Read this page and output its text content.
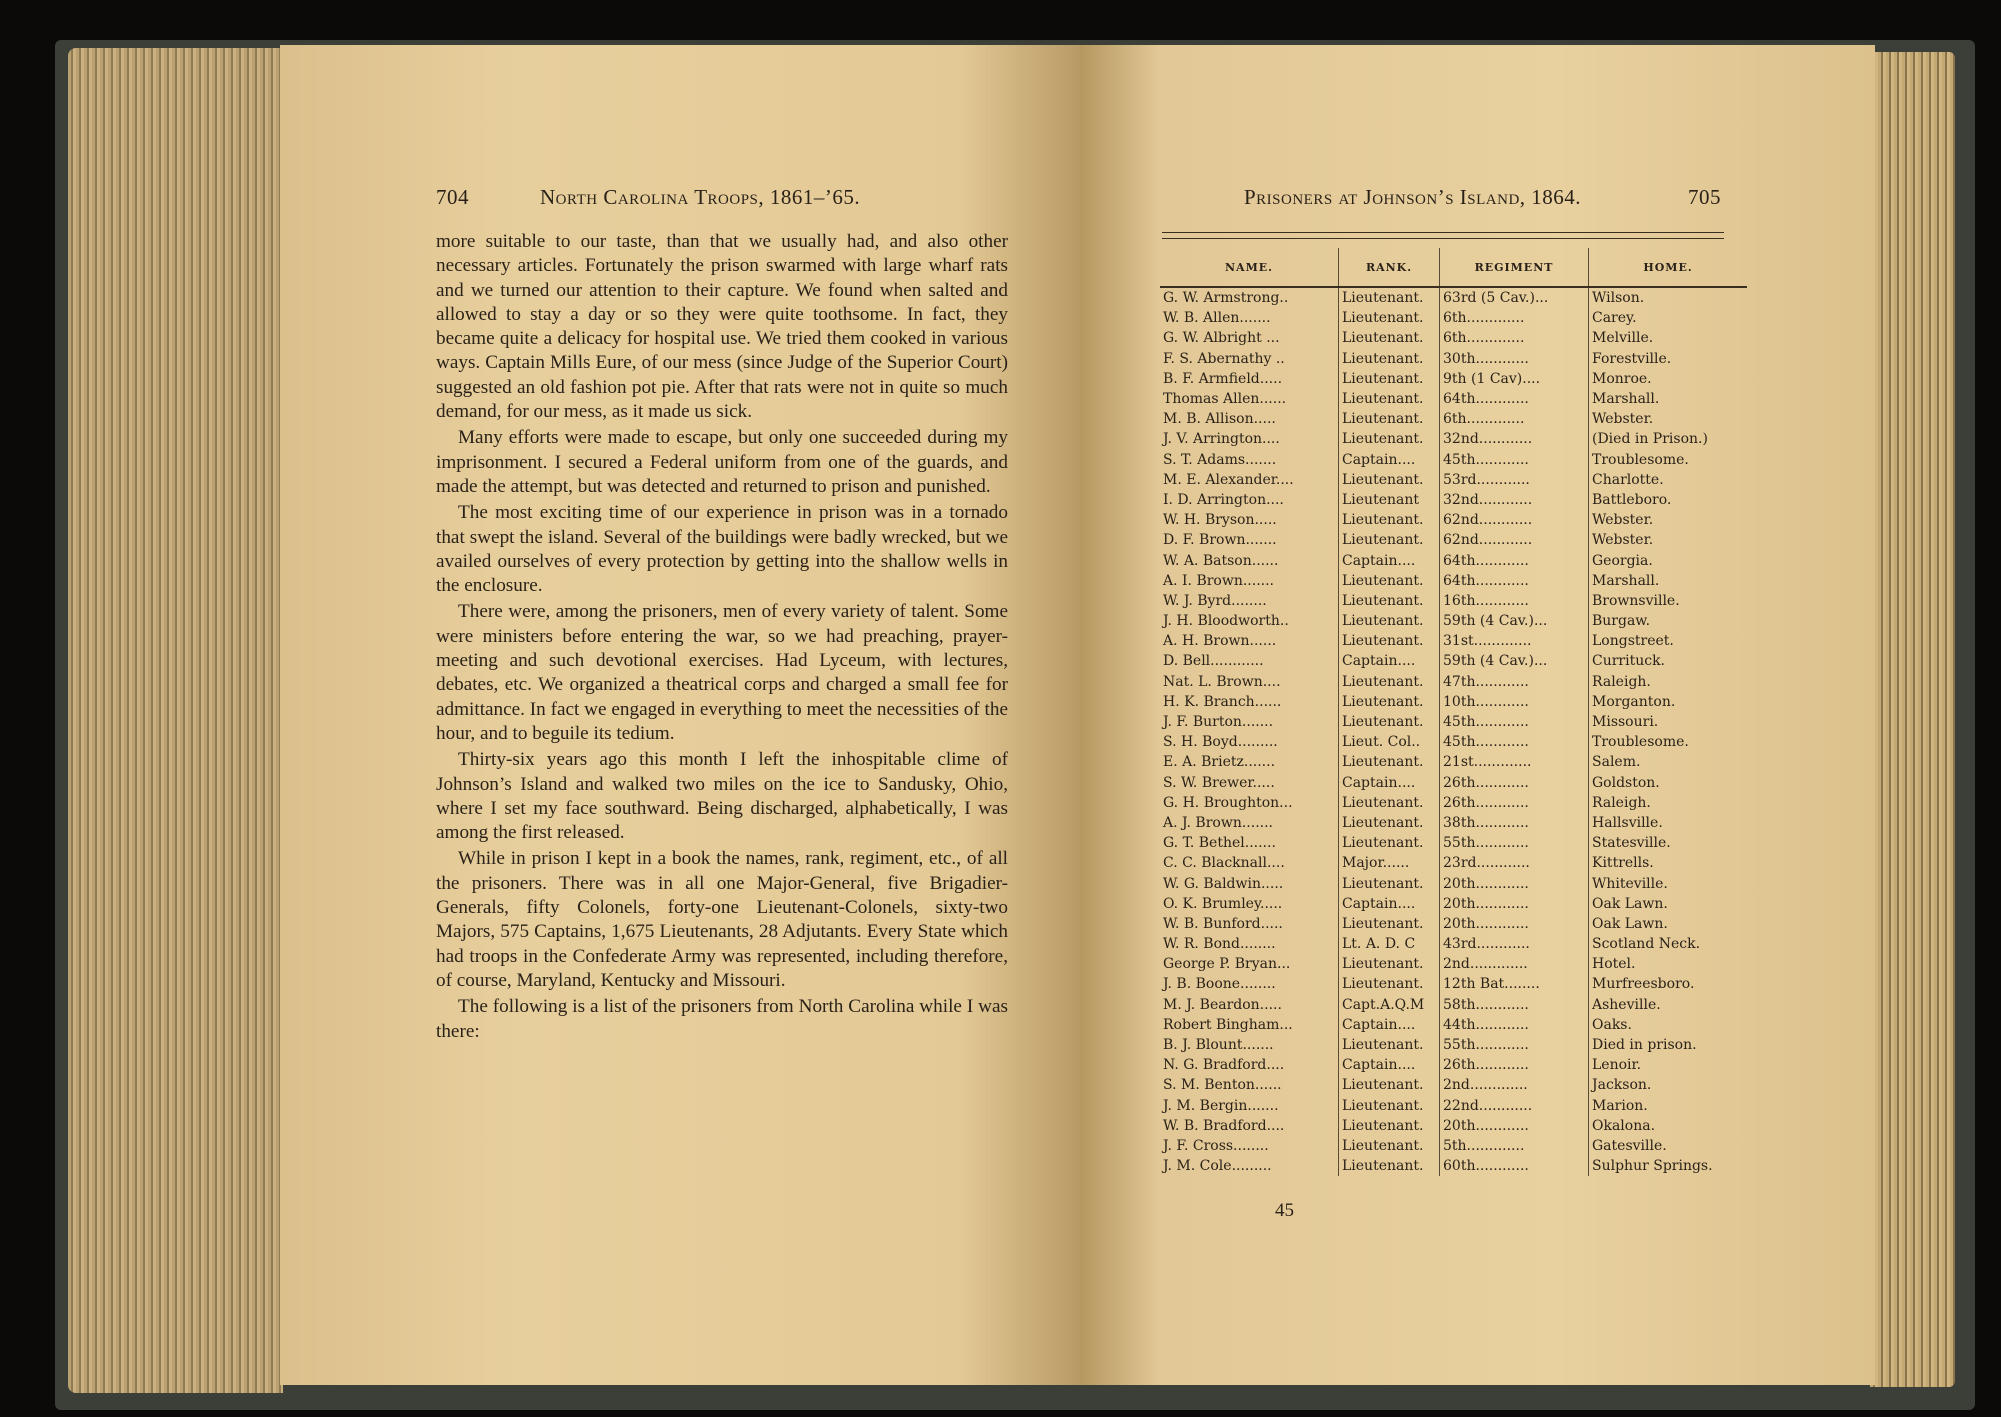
704	North Carolina Troops, 1861–’65.

more suitable to our taste, than that we usually had, and also other necessary articles. Fortunately the prison swarmed with large wharf rats and we turned our attention to their capture. We found when salted and allowed to stay a day or so they were quite toothsome. In fact, they became quite a delicacy for hospital use. We tried them cooked in various ways. Captain Mills Eure, of our mess (since Judge of the Superior Court) suggested an old fashion pot pie. After that rats were not in quite so much demand, for our mess, as it made us sick.

Many efforts were made to escape, but only one succeeded during my imprisonment. I secured a Federal uniform from one of the guards, and made the attempt, but was detected and returned to prison and punished.

The most exciting time of our experience in prison was in a tornado that swept the island. Several of the buildings were badly wrecked, but we availed ourselves of every protection by getting into the shallow wells in the enclosure.

There were, among the prisoners, men of every variety of talent. Some were ministers before entering the war, so we had preaching, prayer-meeting and such devotional exercises. Had Lyceum, with lectures, debates, etc. We organized a theatrical corps and charged a small fee for admittance. In fact we engaged in everything to meet the necessities of the hour, and to beguile its tedium.

Thirty-six years ago this month I left the inhospitable clime of Johnson’s Island and walked two miles on the ice to Sandusky, Ohio, where I set my face southward. Being discharged, alphabetically, I was among the first released.

While in prison I kept in a book the names, rank, regiment, etc., of all the prisoners. There was in all one Major-General, five Brigadier-Generals, fifty Colonels, forty-one Lieutenant-Colonels, sixty-two Majors, 575 Captains, 1,675 Lieutenants, 28 Adjutants. Every State which had troops in the Confederate Army was represented, including therefore, of course, Maryland, Kentucky and Missouri.

The following is a list of the prisoners from North Carolina while I was there:

Prisoners at Johnson’s Island, 1864.	705
NAME.	RANK.	REGIMENT	HOME.
G. W. Armstrong..	Lieutenant.	63rd (5 Cav.)...	Wilson.
W. B. Allen.......	Lieutenant.	6th.............	Carey.
G. W. Albright ...	Lieutenant.	6th.............	Melville.
F. S. Abernathy ..	Lieutenant.	30th............	Forestville.
B. F. Armfield.....	Lieutenant.	9th (1 Cav)....	Monroe.
Thomas Allen......	Lieutenant.	64th............	Marshall.
M. B. Allison.....	Lieutenant.	6th.............	Webster.
J. V. Arrington....	Lieutenant.	32nd............	(Died in Prison.)
S. T. Adams.......	Captain....	45th............	Troublesome.
M. E. Alexander....	Lieutenant.	53rd............	Charlotte.
I. D. Arrington....	Lieutenant	32nd............	Battleboro.
W. H. Bryson.....	Lieutenant.	62nd............	Webster.
D. F. Brown.......	Lieutenant.	62nd............	Webster.
W. A. Batson......	Captain....	64th............	Georgia.
A. I. Brown.......	Lieutenant.	64th............	Marshall.
W. J. Byrd........	Lieutenant.	16th............	Brownsville.
J. H. Bloodworth..	Lieutenant.	59th (4 Cav.)...	Burgaw.
A. H. Brown......	Lieutenant.	31st.............	Longstreet.
D. Bell............	Captain....	59th (4 Cav.)...	Currituck.
Nat. L. Brown....	Lieutenant.	47th............	Raleigh.
H. K. Branch......	Lieutenant.	10th............	Morganton.
J. F. Burton.......	Lieutenant.	45th............	Missouri.
S. H. Boyd.........	Lieut. Col..	45th............	Troublesome.
E. A. Brietz.......	Lieutenant.	21st.............	Salem.
S. W. Brewer.....	Captain....	26th............	Goldston.
G. H. Broughton...	Lieutenant.	26th............	Raleigh.
A. J. Brown.......	Lieutenant.	38th............	Hallsville.
G. T. Bethel.......	Lieutenant.	55th............	Statesville.
C. C. Blacknall....	Major......	23rd............	Kittrells.
W. G. Baldwin.....	Lieutenant.	20th............	Whiteville.
O. K. Brumley.....	Captain....	20th............	Oak Lawn.
W. B. Bunford.....	Lieutenant.	20th............	Oak Lawn.
W. R. Bond........	Lt. A. D. C	43rd............	Scotland Neck.
George P. Bryan...	Lieutenant.	2nd.............	Hotel.
J. B. Boone........	Lieutenant.	12th Bat........	Murfreesboro.
M. J. Beardon.....	Capt.A.Q.M	58th............	Asheville.
Robert Bingham...	Captain....	44th............	Oaks.
B. J. Blount.......	Lieutenant.	55th............	Died in prison.
N. G. Bradford....	Captain....	26th............	Lenoir.
S. M. Benton......	Lieutenant.	2nd.............	Jackson.
J. M. Bergin.......	Lieutenant.	22nd............	Marion.
W. B. Bradford....	Lieutenant.	20th............	Okalona.
J. F. Cross........	Lieutenant.	5th.............	Gatesville.
J. M. Cole.........	Lieutenant.	60th............	Sulphur Springs.
45
